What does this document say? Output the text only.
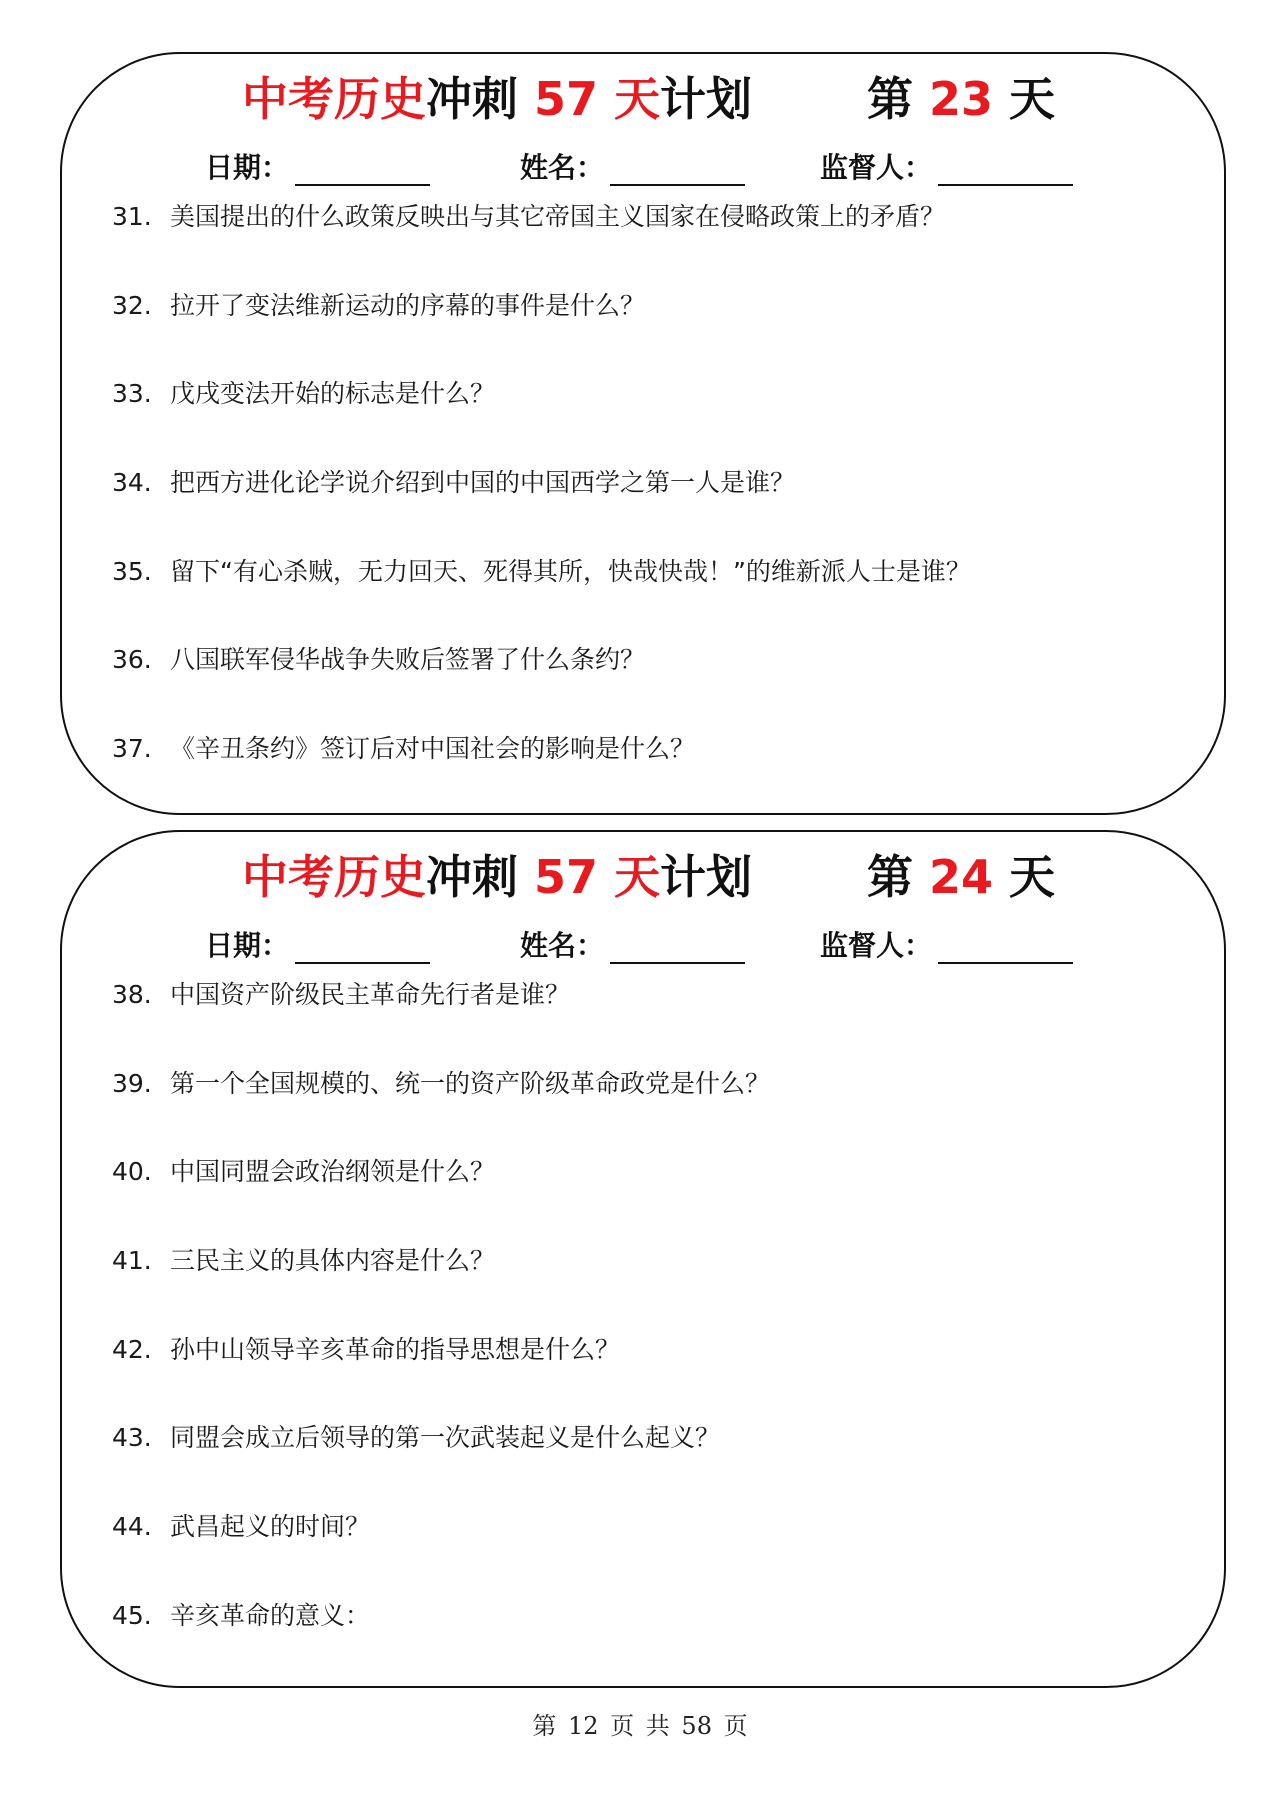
中考历史冲刺 57 天计划 第 23 天
日期：	姓名：	监督人：
31. 美国提出的什么政策反映出与其它帝国主义国家在侵略政策上的矛盾？
32. 拉开了变法维新运动的序幕的事件是什么？
33. 戊戌变法开始的标志是什么？
34. 把西方进化论学说介绍到中国的中国西学之第一人是谁？
35. 留下“有心杀贼，无力回天、死得其所，快哉快哉！”的维新派人士是谁？
36. 八国联军侵华战争失败后签署了什么条约？
37. 《辛丑条约》签订后对中国社会的影响是什么？
中考历史冲刺 57 天计划 第 24 天
日期：	姓名：	监督人：
38. 中国资产阶级民主革命先行者是谁？
39. 第一个全国规模的、统一的资产阶级革命政党是什么？
40. 中国同盟会政治纲领是什么？
41. 三民主义的具体内容是什么？
42. 孙中山领导辛亥革命的指导思想是什么？
43. 同盟会成立后领导的第一次武装起义是什么起义？
44. 武昌起义的时间？
45. 辛亥革命的意义：
第 12 页 共 58 页
